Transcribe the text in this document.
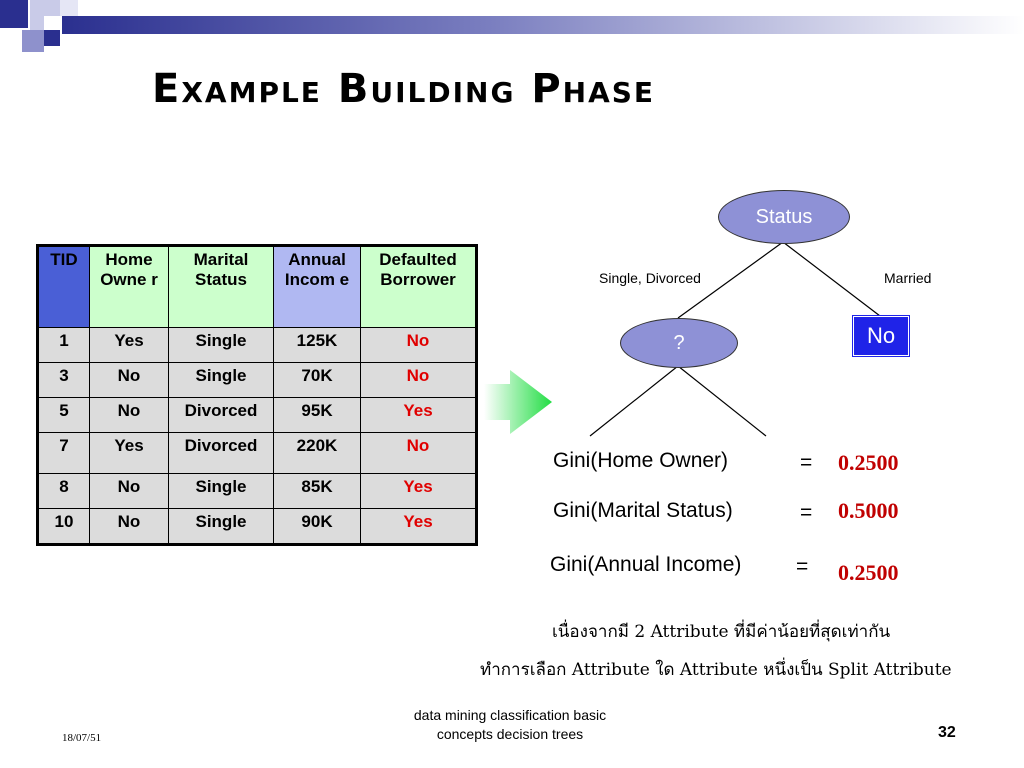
Example Building Phase
TID	Home Owne r	Marital Status	Annual Incom e	Defaulted Borrower
1	Yes	Single	125K	No
3	No	Single	70K	No
5	No	Divorced	95K	Yes
7	Yes	Divorced	220K	No
8	No	Single	85K	Yes
10	No	Single	90K	Yes
Status
Single, Divorced	Married
?	No
Gini(Home Owner)	= 0.2500
Gini(Marital Status)	= 0.5000
Gini(Annual Income)	= 0.2500
เนื่องจากมี 2 Attribute ที่มีค่าน้อยที่สุดเท่ากัน
ทำการเลือก Attribute ใด Attribute หนึ่งเป็น Split Attribute
18/07/51
data mining classification basic
concepts decision trees	32
